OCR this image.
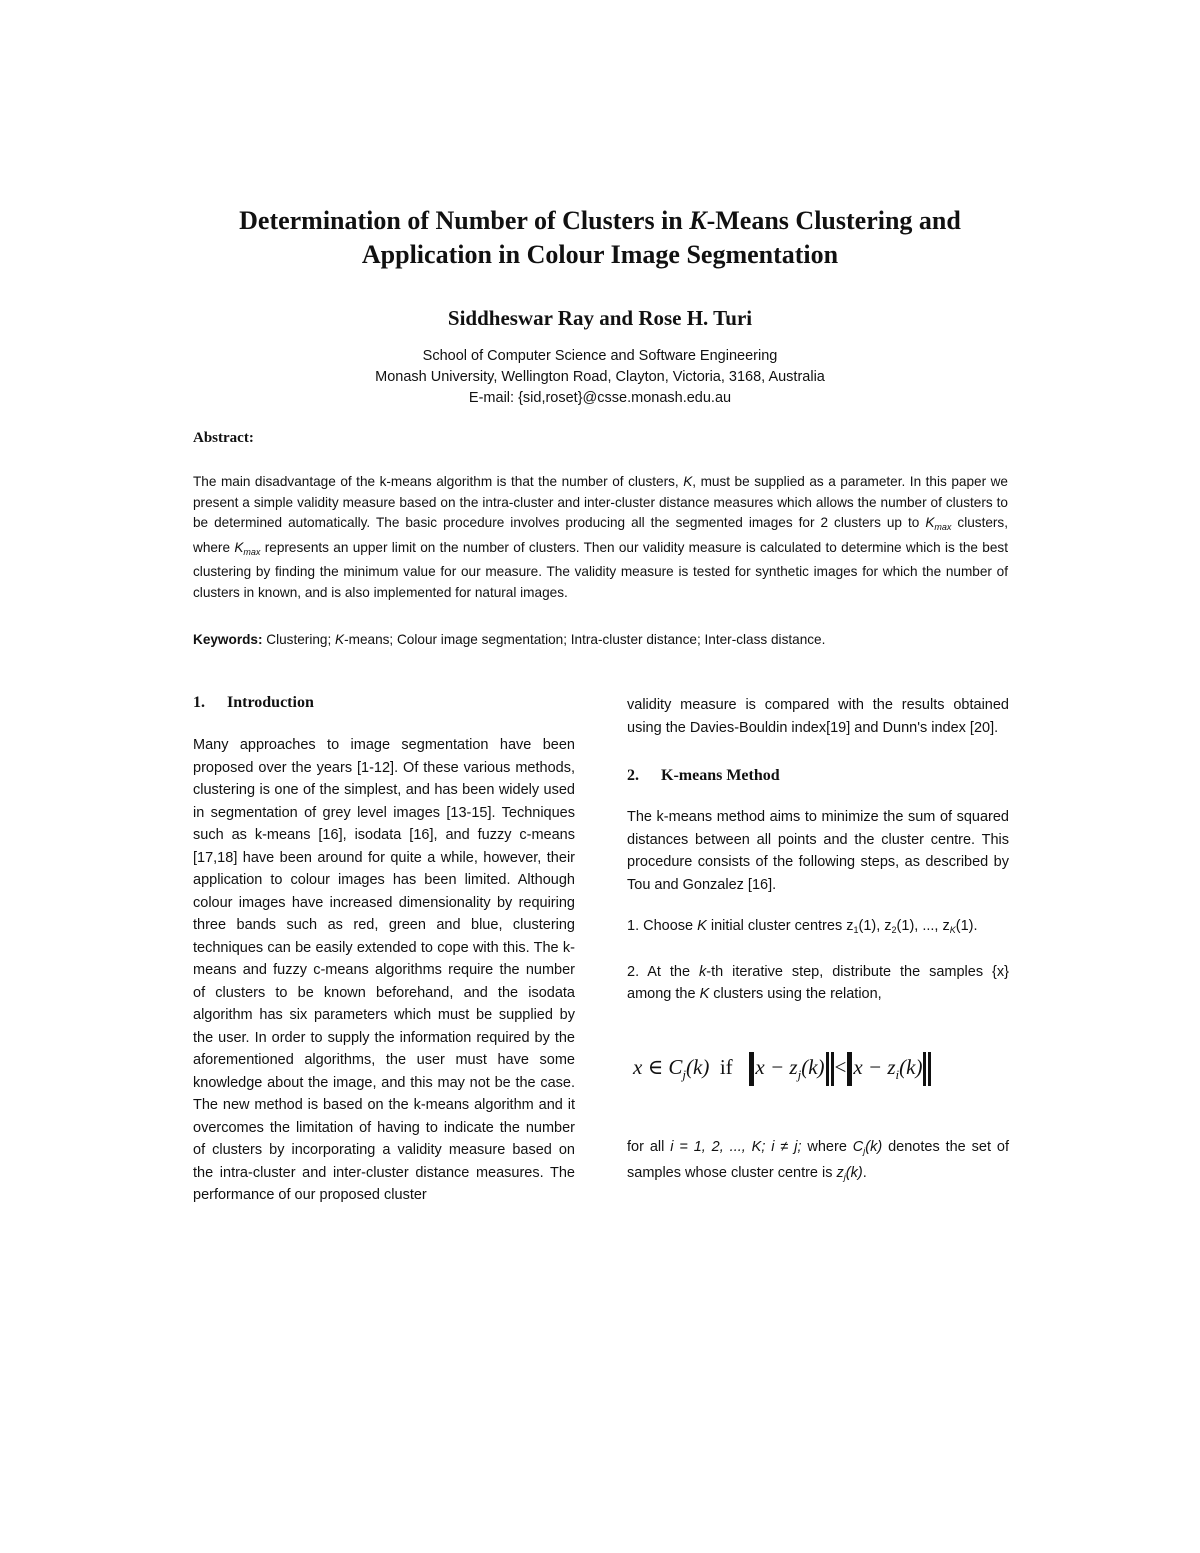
Determination of Number of Clusters in K-Means Clustering and
Application in Colour Image Segmentation
Siddheswar Ray and Rose H. Turi
School of Computer Science and Software Engineering
Monash University, Wellington Road, Clayton, Victoria, 3168, Australia
E-mail: {sid,roset}@csse.monash.edu.au
Abstract:

The main disadvantage of the k-means algorithm is that the number of clusters, K, must be supplied as a parameter. In this paper we present a simple validity measure based on the intra-cluster and inter-cluster distance measures which allows the number of clusters to be determined automatically. The basic procedure involves producing all the segmented images for 2 clusters up to $K_{max}$ clusters, where $K_{max}$ represents an upper limit on the number of clusters. Then our validity measure is calculated to determine which is the best clustering by finding the minimum value for our measure. The validity measure is tested for synthetic images for which the number of clusters in known, and is also implemented for natural images.

Keywords: Clustering; K-means; Colour image segmentation; Intra-cluster distance; Inter-class distance.

1. Introduction

Many approaches to image segmentation have been proposed over the years [1-12]. Of these various methods, clustering is one of the simplest, and has been widely used in segmentation of grey level images [13-15]. Techniques such as k-means [16], isodata [16], and fuzzy c-means [17,18] have been around for quite a while, however, their application to colour images has been limited. Although colour images have increased dimensionality by requiring three bands such as red, green and blue, clustering techniques can be easily extended to cope with this. The k-means and fuzzy c-means algorithms require the number of clusters to be known beforehand, and the isodata algorithm has six parameters which must be supplied by the user. In order to supply the information required by the aforementioned algorithms, the user must have some knowledge about the image, and this may not be the case. The new method is based on the k-means algorithm and it overcomes the limitation of having to indicate the number of clusters by incorporating a validity measure based on the intra-cluster and inter-cluster distance measures. The performance of our proposed cluster

validity measure is compared with the results obtained using the Davies-Bouldin index[19] and Dunn's index [20].

2. K-means Method

The k-means method aims to minimize the sum of squared distances between all points and the cluster centre. This procedure consists of the following steps, as described by Tou and Gonzalez [16].

1. Choose K initial cluster centres $z_1(1)$, $z_2(1)$, ..., $z_K(1)$.

2. At the k-th iterative step, distribute the samples {x} among the K clusters using the relation,

x ∈ $C_j(k)$ if $x - z_j(k) < x - z_i(k)$

for all i = 1, 2, ..., K; i ≠ j; where $C_j(k)$ denotes the set of samples whose cluster centre is $z_j(k)$.
